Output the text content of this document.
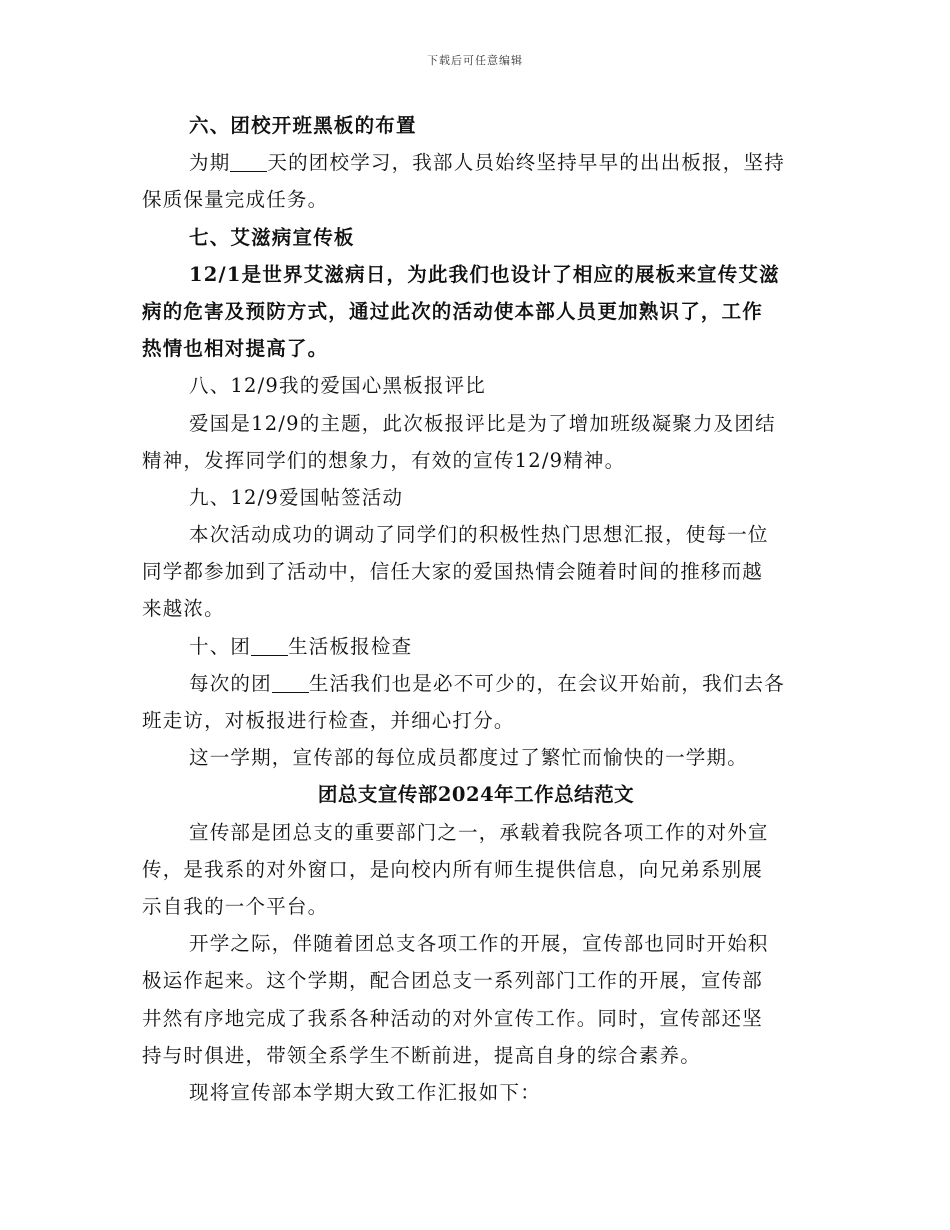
下载后可任意编辑

六、团校开班黑板的布置

为期 天的团校学习，我部人员始终坚持早早的出出板报，坚持

保质保量完成任务。

七、艾滋病宣传板

12/1是世界艾滋病日，为此我们也设计了相应的展板来宣传艾滋

病的危害及预防方式，通过此次的活动使本部人员更加熟识了，工作

热情也相对提高了。

八、12/9我的爱国心黑板报评比

爱国是12/9的主题，此次板报评比是为了增加班级凝聚力及团结

精神，发挥同学们的想象力，有效的宣传12/9精神。

九、12/9爱国帖签活动

本次活动成功的调动了同学们的积极性热门思想汇报，使每一位

同学都参加到了活动中，信任大家的爱国热情会随着时间的推移而越

来越浓。

十、团 生活板报检查

每次的团 生活我们也是必不可少的，在会议开始前，我们去各

班走访，对板报进行检查，并细心打分。

这一学期，宣传部的每位成员都度过了繁忙而愉快的一学期。

团总支宣传部2024年工作总结范文

宣传部是团总支的重要部门之一，承载着我院各项工作的对外宣

传，是我系的对外窗口，是向校内所有师生提供信息，向兄弟系别展

示自我的一个平台。

开学之际，伴随着团总支各项工作的开展，宣传部也同时开始积

极运作起来。这个学期，配合团总支一系列部门工作的开展，宣传部

井然有序地完成了我系各种活动的对外宣传工作。同时，宣传部还坚

持与时俱进，带领全系学生不断前进，提高自身的综合素养。

现将宣传部本学期大致工作汇报如下：
